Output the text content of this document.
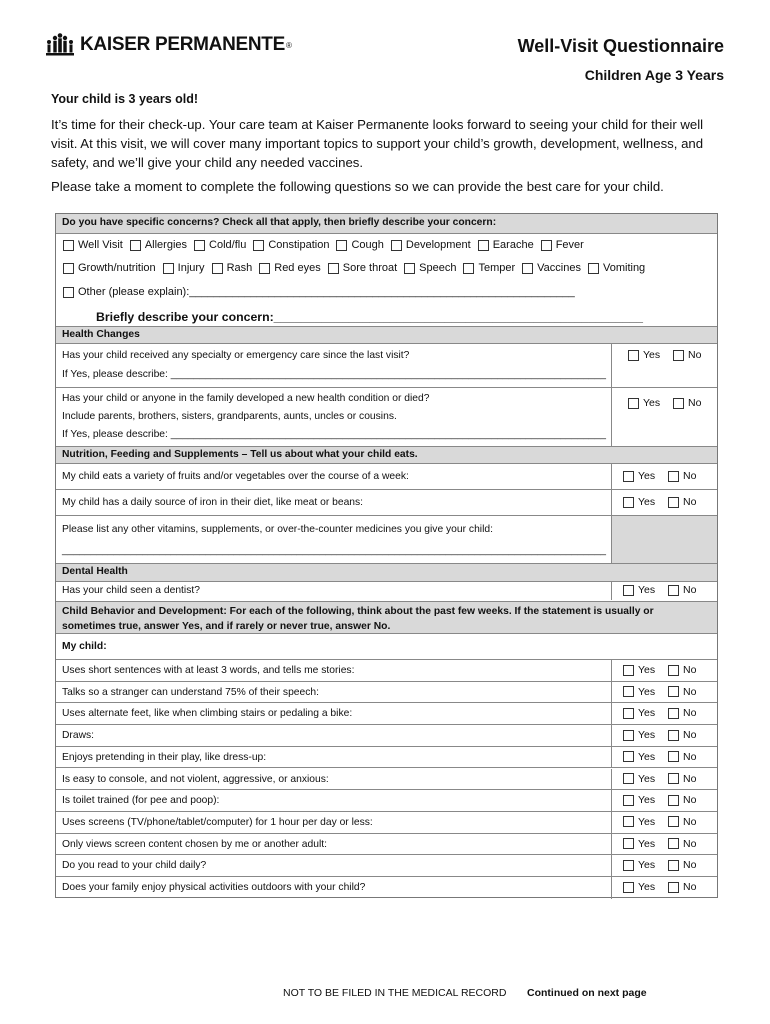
KAISER PERMANENTE ®	Well-Visit Questionnaire
Children Age 3 Years
Your child is 3 years old!
It’s time for their check-up. Your care team at Kaiser Permanente looks forward to seeing your child for their well visit. At this visit, we will cover many important topics to support your child’s growth, development, wellness, and safety, and we’ll give your child any needed vaccines.
Please take a moment to complete the following questions so we can provide the best care for your child.
Do you have specific concerns? Check all that apply, then briefly describe your concern:
Well Visit Allergies Cold/flu Constipation Cough Development Earache Fever
Growth/nutrition Injury Rash Red eyes Sore throat Speech Temper Vaccines Vomiting
Other (please explain):_______________________________________________________________
Briefly describe your concern:______________________________________________________
Health Changes
Has your child received any specialty or emergency care since the last visit?
If Yes, please describe: ____________________________________________________________________________
Yes	No
Has your child or anyone in the family developed a new health condition or died?
Include parents, brothers, sisters, grandparents, aunts, uncles or cousins.
If Yes, please describe: ____________________________________________________________________________
Yes	No
Nutrition, Feeding and Supplements – Tell us about what your child eats.
My child eats a variety of fruits and/or vegetables over the course of a week:	Yes	No
My child has a daily source of iron in their diet, like meat or beans:	Yes	No
Please list any other vitamins, supplements, or over-the-counter medicines you give your child:
_______________________________________________________________________________________________
Dental Health
Has your child seen a dentist?	Yes	No
Child Behavior and Development: For each of the following, think about the past few weeks. If the statement is usually or
sometimes true, answer Yes, and if rarely or never true, answer No.
My child:
Uses short sentences with at least 3 words, and tells me stories:	Yes	No
Talks so a stranger can understand 75% of their speech:	Yes	No
Uses alternate feet, like when climbing stairs or pedaling a bike:	Yes	No
Draws:	Yes	No
Enjoys pretending in their play, like dress-up:	Yes	No
Is easy to console, and not violent, aggressive, or anxious:	Yes	No
Is toilet trained (for pee and poop):	Yes	No
Uses screens (TV/phone/tablet/computer) for 1 hour per day or less:	Yes	No
Only views screen content chosen by me or another adult:	Yes	No
Do you read to your child daily?	Yes	No
Does your family enjoy physical activities outdoors with your child?	Yes	No
NOT TO BE FILED IN THE MEDICAL RECORD Continued on next page
